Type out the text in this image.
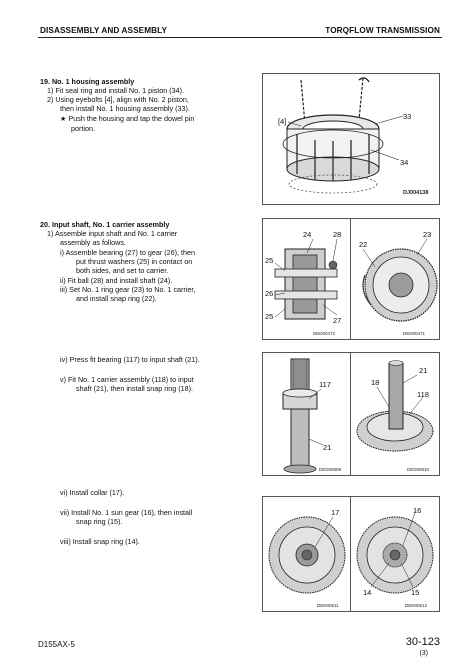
DISASSEMBLY AND ASSEMBLY	TORQFLOW TRANSMISSION
19. No. 1 housing assembly
1) Fit seal ring and install No. 1 piston (34).
2) Using eyebolts [4], align with No. 2 piston,
then install No. 1 housing assembly (33).
★ Push the housing and tap the dowel pin
portion.
[4]
33
34
DJ004138
20. Input shaft, No. 1 carrier assembly
1) Assemble input shaft and No. 1 carrier
assembly as follows.
i) Assemble bearing (27) to gear (26), then
put thrust washers (25) in contact on
both sides, and set to carrier.
ii) Fit ball (28) and install shaft (24).
iii) Set No. 1 ring gear (23) to No. 1 carrier,
and install snap ring (22).
24	28
25
26
25	27
DED00472
22
23
DED00471
iv) Press fit bearing (117) to input shaft (21).
v) Fit No. 1 carrier assembly (118) to input
shaft (21), then install snap ring (18).	117
21
DED00509
21
18
118
DED00510
vi) Install collar (17).
vii) Install No. 1 sun gear (16), then install
snap ring (15).
viii) Install snap ring (14).
17
DED00511
16
14	15
DED00512
D155AX-5	30-123
(3)
